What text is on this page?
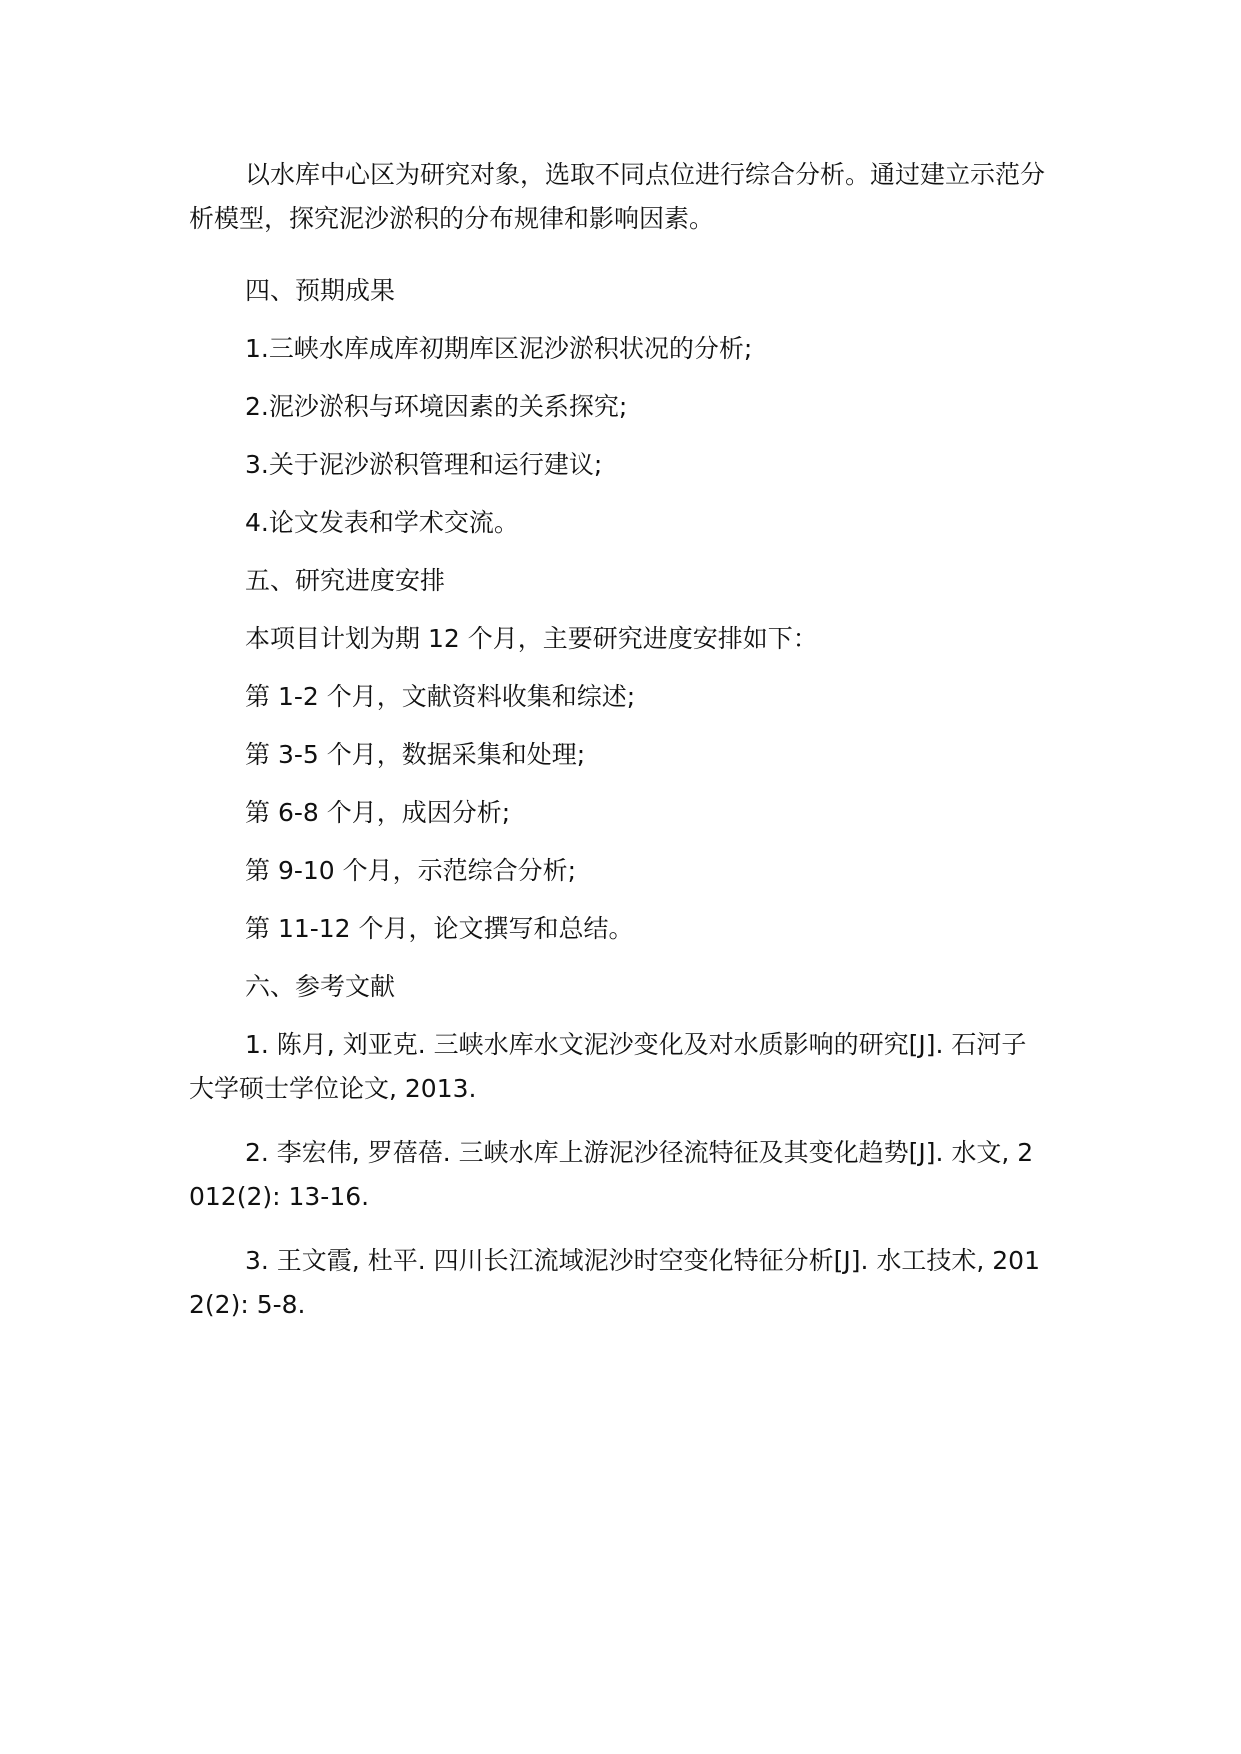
以水库中心区为研究对象，选取不同点位进行综合分析。通过建立示范分析模型，探究泥沙淤积的分布规律和影响因素。

四、预期成果

1.三峡水库成库初期库区泥沙淤积状况的分析;

2.泥沙淤积与环境因素的关系探究;

3.关于泥沙淤积管理和运行建议;

4.论文发表和学术交流。

五、研究进度安排

本项目计划为期 12 个月，主要研究进度安排如下：

第 1-2 个月，文献资料收集和综述;

第 3-5 个月，数据采集和处理;

第 6-8 个月，成因分析;

第 9-10 个月，示范综合分析;

第 11-12 个月，论文撰写和总结。

六、参考文献

1. 陈月, 刘亚克. 三峡水库水文泥沙变化及对水质影响的研究[J]. 石河子大学硕士学位论文, 2013.

2. 李宏伟, 罗蓓蓓. 三峡水库上游泥沙径流特征及其变化趋势[J]. 水文, 2012(2): 13-16.

3. 王文霞, 杜平. 四川长江流域泥沙时空变化特征分析[J]. 水工技术, 2012(2): 5-8.
